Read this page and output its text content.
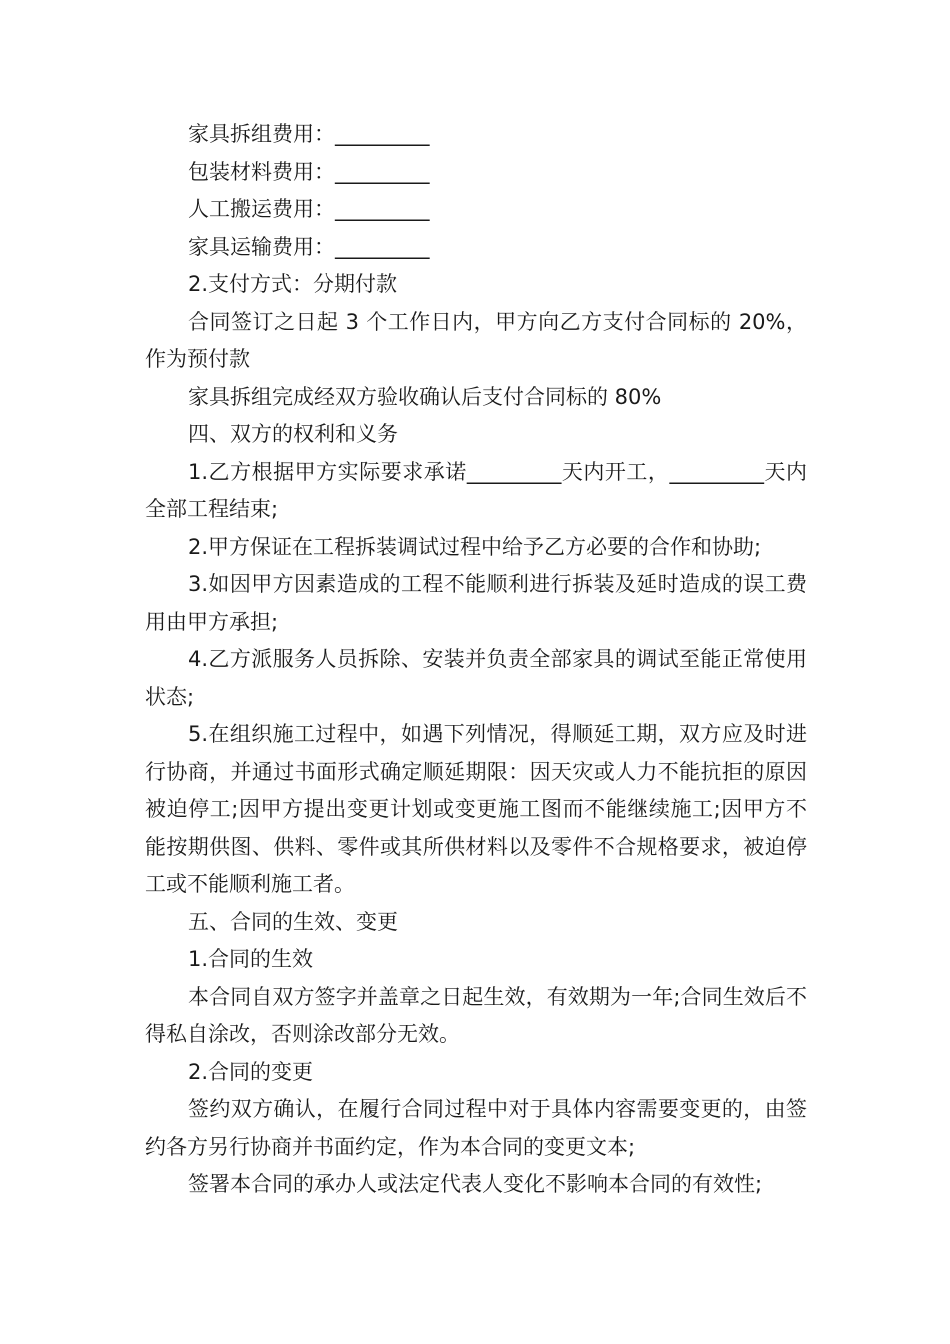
家具拆组费用：_________

包装材料费用：_________

人工搬运费用：_________

家具运输费用：_________

2.支付方式：分期付款

合同签订之日起 3 个工作日内，甲方向乙方支付合同标的 20%，作为预付款

家具拆组完成经双方验收确认后支付合同标的 80%

四、双方的权利和义务

1.乙方根据甲方实际要求承诺_________天内开工，_________天内全部工程结束;

2.甲方保证在工程拆装调试过程中给予乙方必要的合作和协助;

3.如因甲方因素造成的工程不能顺利进行拆装及延时造成的误工费用由甲方承担;

4.乙方派服务人员拆除、安装并负责全部家具的调试至能正常使用状态;

5.在组织施工过程中，如遇下列情况，得顺延工期，双方应及时进行协商，并通过书面形式确定顺延期限：因天灾或人力不能抗拒的原因被迫停工;因甲方提出变更计划或变更施工图而不能继续施工;因甲方不能按期供图、供料、零件或其所供材料以及零件不合规格要求，被迫停工或不能顺利施工者。

五、合同的生效、变更

1.合同的生效

本合同自双方签字并盖章之日起生效，有效期为一年;合同生效后不得私自涂改，否则涂改部分无效。

2.合同的变更

签约双方确认，在履行合同过程中对于具体内容需要变更的，由签约各方另行协商并书面约定，作为本合同的变更文本;

签署本合同的承办人或法定代表人变化不影响本合同的有效性;
